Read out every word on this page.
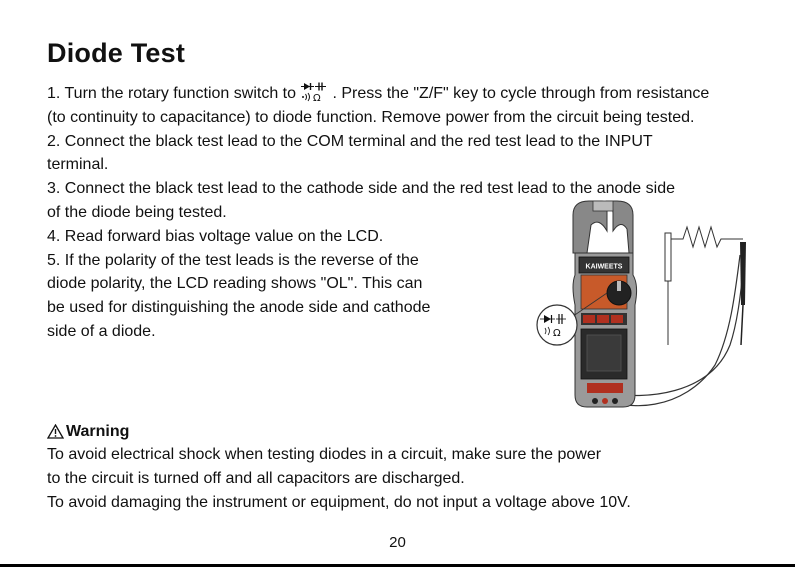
Diode Test
1. Turn the rotary function switch to Ω . Press the "Z/F" key to cycle through from resistance
(to continuity to capacitance) to diode function. Remove power from the circuit being tested.
2. Connect the black test lead to the COM terminal and the red test lead to the INPUT
terminal.
3. Connect the black test lead to the cathode side and the red test lead to the anode side
of the diode being tested.
4. Read forward bias voltage value on the LCD.
5. If the polarity of the test leads is the reverse of the
diode polarity, the LCD reading shows "OL". This can
be used for distinguishing the anode side and cathode
side of a diode.
KAIWEETS
Ω
Warning
To avoid electrical shock when testing diodes in a circuit, make sure the power
to the circuit is turned off and all capacitors are discharged.
To avoid damaging the instrument or equipment, do not input a voltage above 10V.
20
